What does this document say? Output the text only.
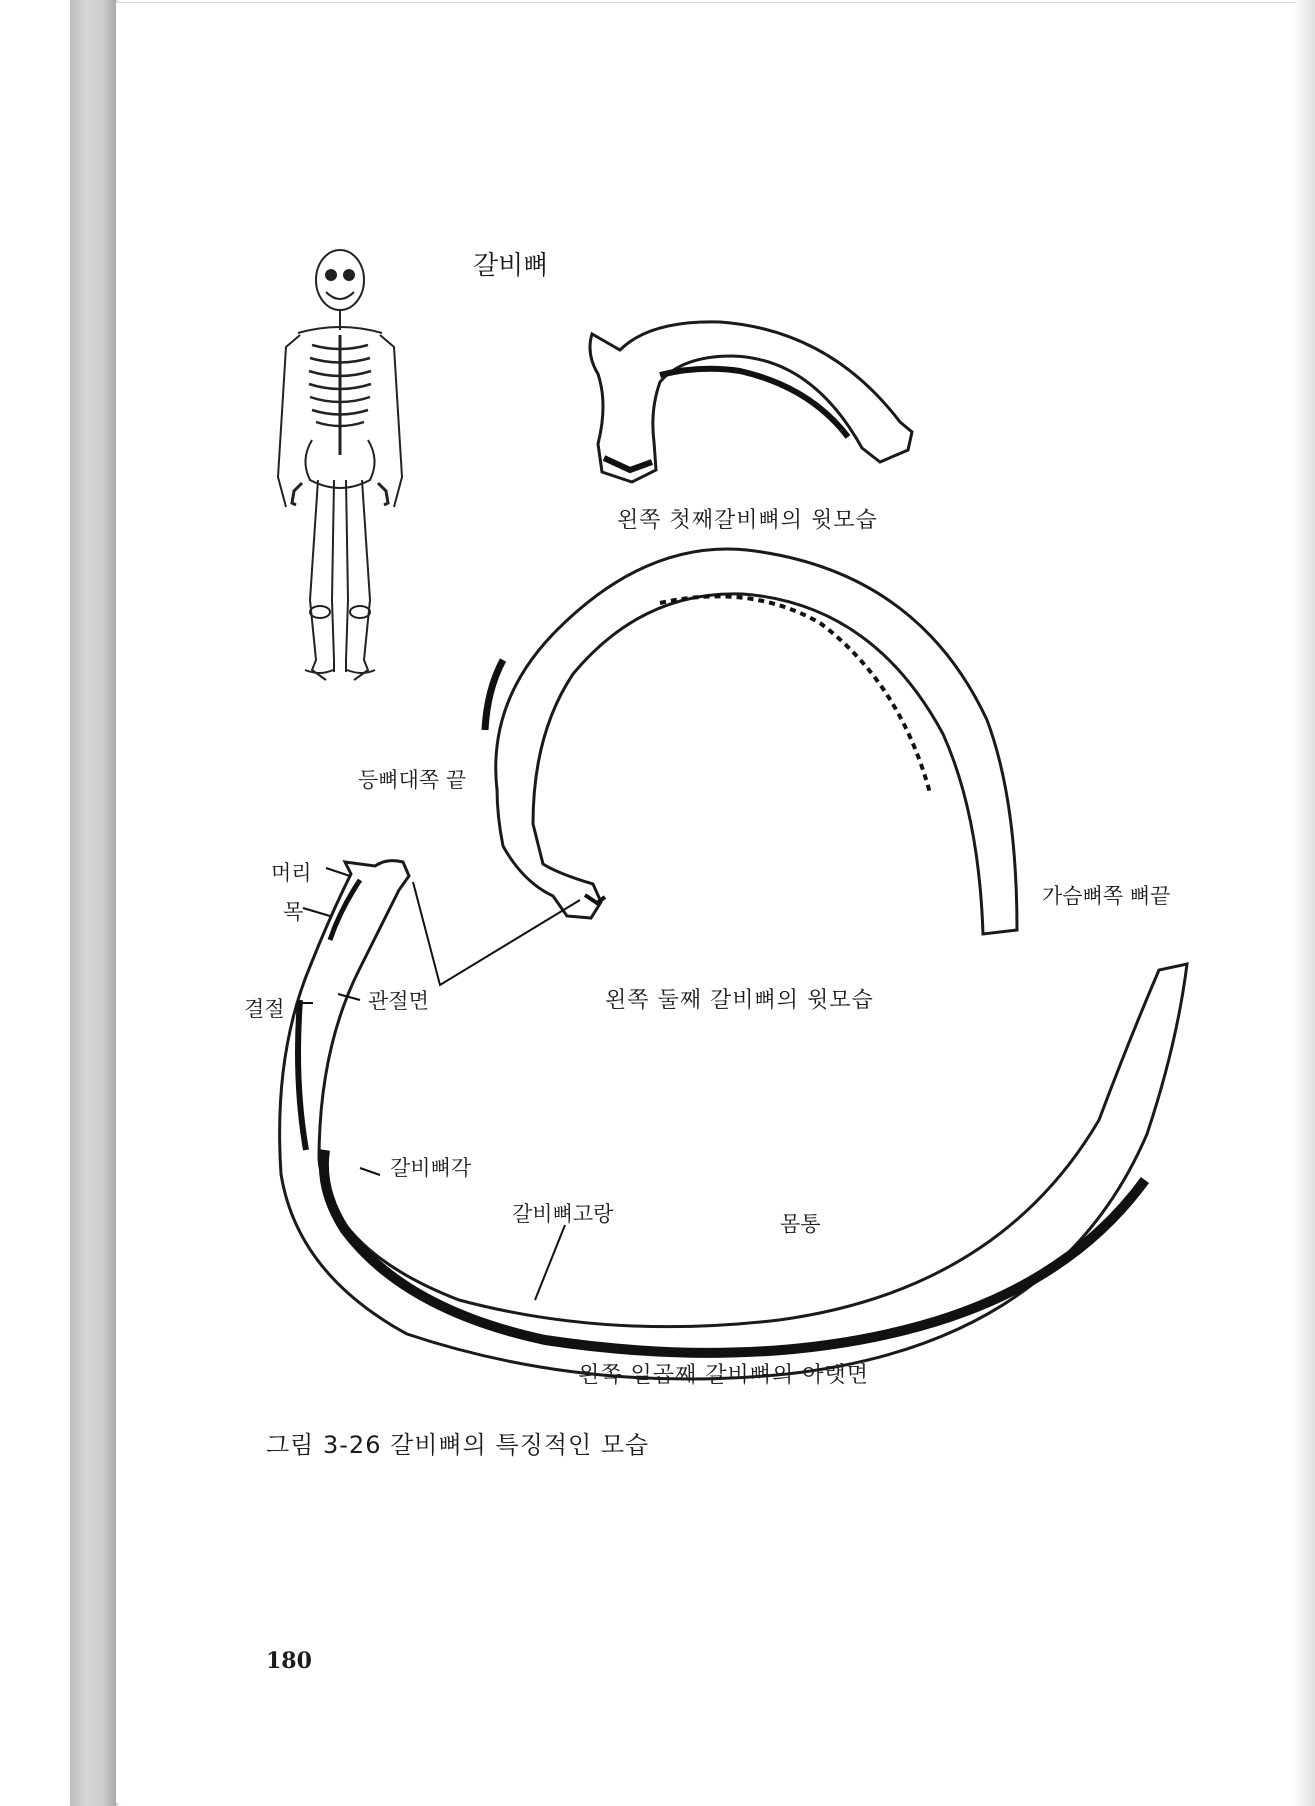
갈비뼈
왼쪽 첫째갈비뼈의 윗모습
등뼈대쪽 끝
가슴뼈쪽 뼈끝
머리
목
결절	관절면	왼쪽 둘째 갈비뼈의 윗모습
갈비뼈각
갈비뼈고랑	몸통
왼쪽 일곱째 갈비뼈의 아랫면
그림 3-26 갈비뼈의 특징적인 모습
180
